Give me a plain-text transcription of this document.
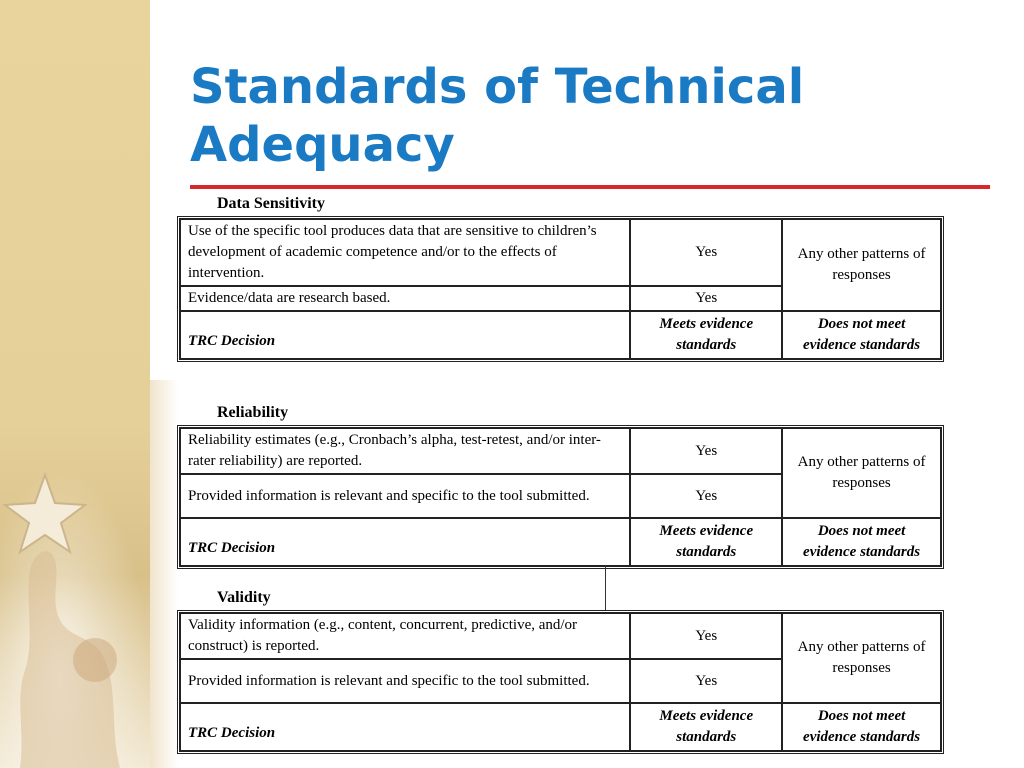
Standards of Technical Adequacy
Data Sensitivity
Use of the specific tool produces data that are sensitive to children’s development of academic competence and/or to the effects of intervention.	Yes	Any other patterns of responses
Evidence/data are research based.	Yes	
TRC Decision	Meets evidence standards	Does not meet evidence standards
Reliability
Reliability estimates (e.g., Cronbach’s alpha, test-retest, and/or inter-rater reliability) are reported.	Yes	Any other patterns of responses
Provided information is relevant and specific to the tool submitted.	Yes	
TRC Decision	Meets evidence standards	Does not meet evidence standards
Validity
Validity information (e.g., content, concurrent, predictive, and/or construct) is reported.	Yes	Any other patterns of responses
Provided information is relevant and specific to the tool submitted.	Yes	
TRC Decision	Meets evidence standards	Does not meet evidence standards
